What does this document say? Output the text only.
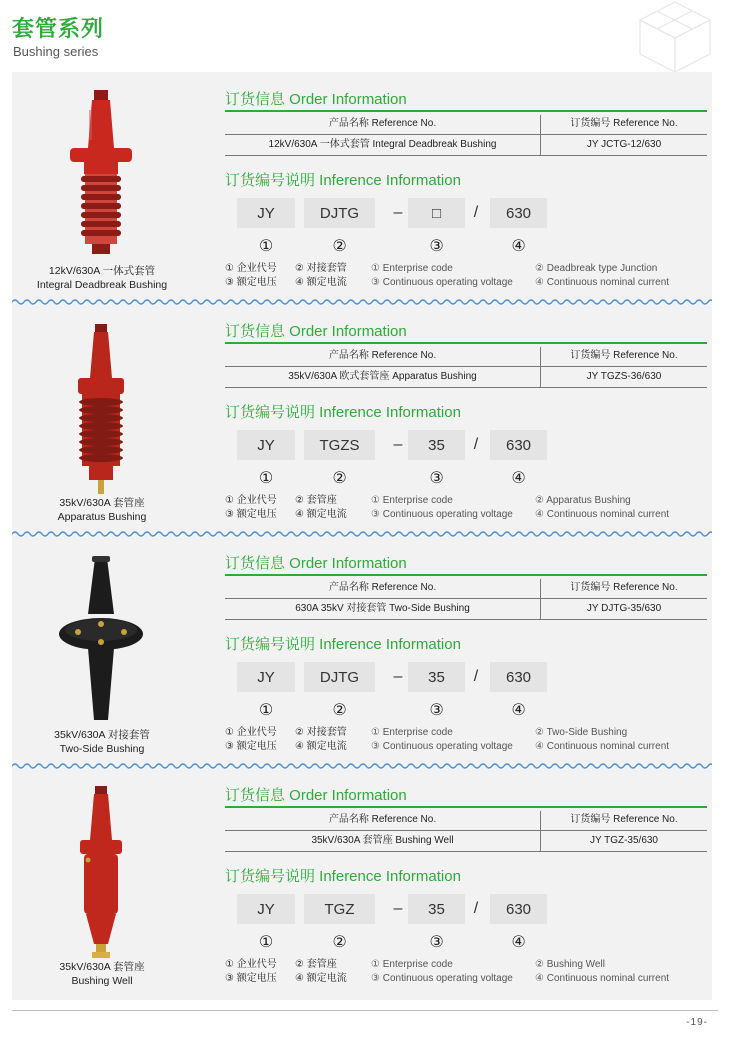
套管系列
Bushing series
12kV/630A 一体式套管
Integral Deadbreak Bushing
订货信息 Order Information
产品名称 Reference No.	订货编号 Reference No.
12kV/630A 一体式套管 Integral Deadbreak Bushing	JY JCTG-12/630
订货编号说明 Inference Information
JY
①
DJTG
②
□
③
630
④
–	/
① 企业代号 ② 对接套管
③ 额定电压 ④ 额定电流
① Enterprise code	② Deadbreak type Junction
③ Continuous operating voltage ④ Continuous nominal current
35kV/630A 套管座
Apparatus Bushing
订货信息 Order Information
产品名称 Reference No.	订货编号 Reference No.
35kV/630A 欧式套管座 Apparatus Bushing	JY TGZS-36/630
订货编号说明 Inference Information
JY
①
TGZS
②
35
③
630
④
–	/
① 企业代号 ② 套管座
③ 额定电压 ④ 额定电流
① Enterprise code	② Apparatus Bushing
③ Continuous operating voltage ④ Continuous nominal current
35kV/630A 对接套管
Two-Side Bushing
订货信息 Order Information
产品名称 Reference No.	订货编号 Reference No.
630A 35kV 对接套管 Two-Side Bushing	JY DJTG-35/630
订货编号说明 Inference Information
JY
①
DJTG
②
35
③
630
④
–	/
① 企业代号 ② 对接套管
③ 额定电压 ④ 额定电流
① Enterprise code	② Two-Side Bushing
③ Continuous operating voltage ④ Continuous nominal current
35kV/630A 套管座
Bushing Well
订货信息 Order Information
产品名称 Reference No.	订货编号 Reference No.
35kV/630A 套管座 Bushing Well	JY TGZ-35/630
订货编号说明 Inference Information
JY
①
TGZ
②
35
③
630
④
–	/
① 企业代号 ② 套管座
③ 额定电压 ④ 额定电流
① Enterprise code	② Bushing Well
③ Continuous operating voltage ④ Continuous nominal current
-19-
